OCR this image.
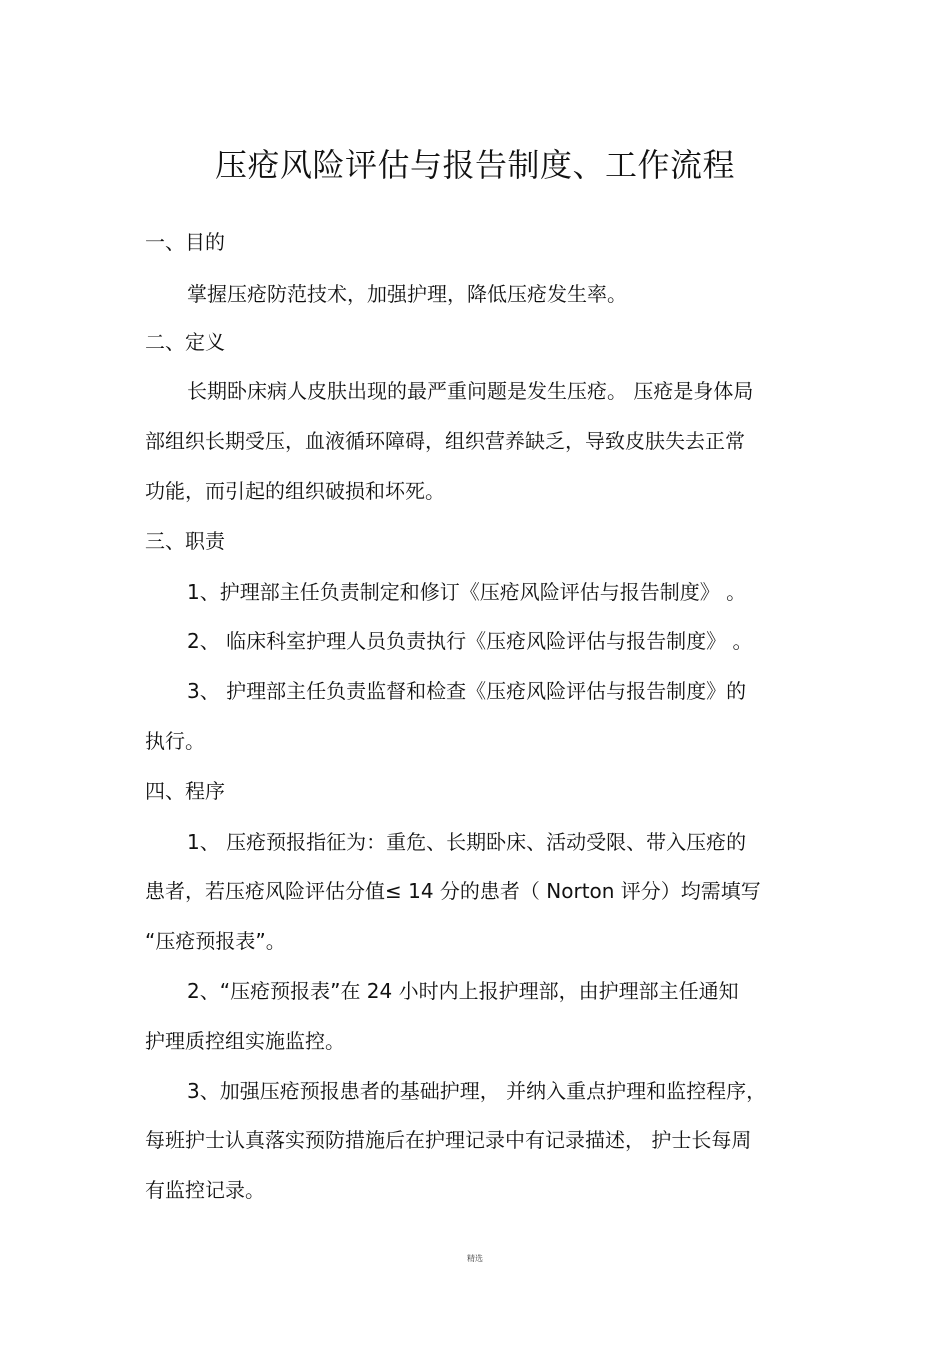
压疮风险评估与报告制度、工作流程
一、目的
掌握压疮防范技术，加强护理，降低压疮发生率。
二、定义
长期卧床病人皮肤出现的最严重问题是发生压疮。 压疮是身体局
部组织长期受压，血液循环障碍，组织营养缺乏，导致皮肤失去正常
功能，而引起的组织破损和坏死。
三、职责
1、护理部主任负责制定和修订《压疮风险评估与报告制度》 。
2、 临床科室护理人员负责执行《压疮风险评估与报告制度》 。
3、 护理部主任负责监督和检查《压疮风险评估与报告制度》的
执行。
四、程序
1、 压疮预报指征为：重危、长期卧床、活动受限、带入压疮的
患者，若压疮风险评估分值≤ 14 分的患者（ Norton 评分）均需填写
“压疮预报表”。
2、“压疮预报表”在 24 小时内上报护理部，由护理部主任通知
护理质控组实施监控。
3、加强压疮预报患者的基础护理， 并纳入重点护理和监控程序，
每班护士认真落实预防措施后在护理记录中有记录描述， 护士长每周
有监控记录。
精选
